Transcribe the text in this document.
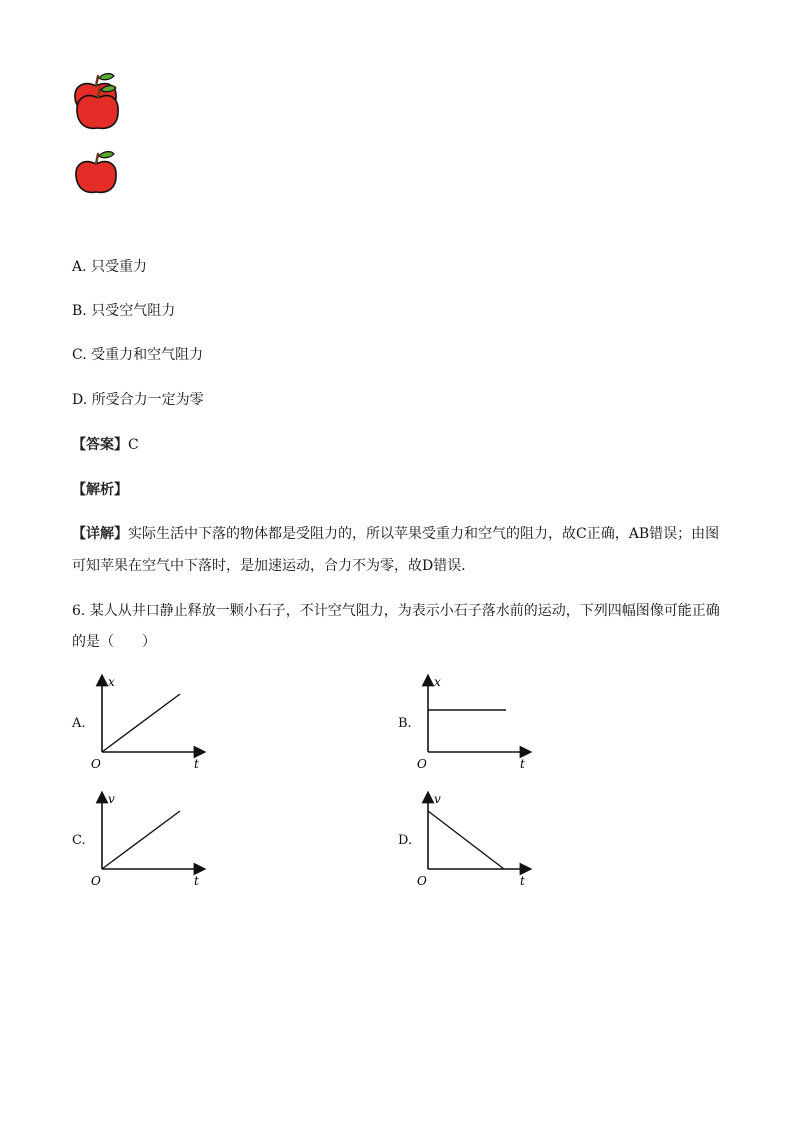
A. 只受重力
B. 只受空气阻力
C. 受重力和空气阻力
D. 所受合力一定为零
【答案】C
【解析】
【详解】实际生活中下落的物体都是受阻力的，所以苹果受重力和空气的阻力，故C正确，AB错误；由图
可知苹果在空气中下落时，是加速运动，合力不为零，故D错误．
6. 某人从井口静止释放一颗小石子，不计空气阻力，为表示小石子落水前的运动，下列四幅图像可能正确
的是（　　）
A.
x
t
O
B.
x
t
O
C.
v
t
O
D.
v
t
O
